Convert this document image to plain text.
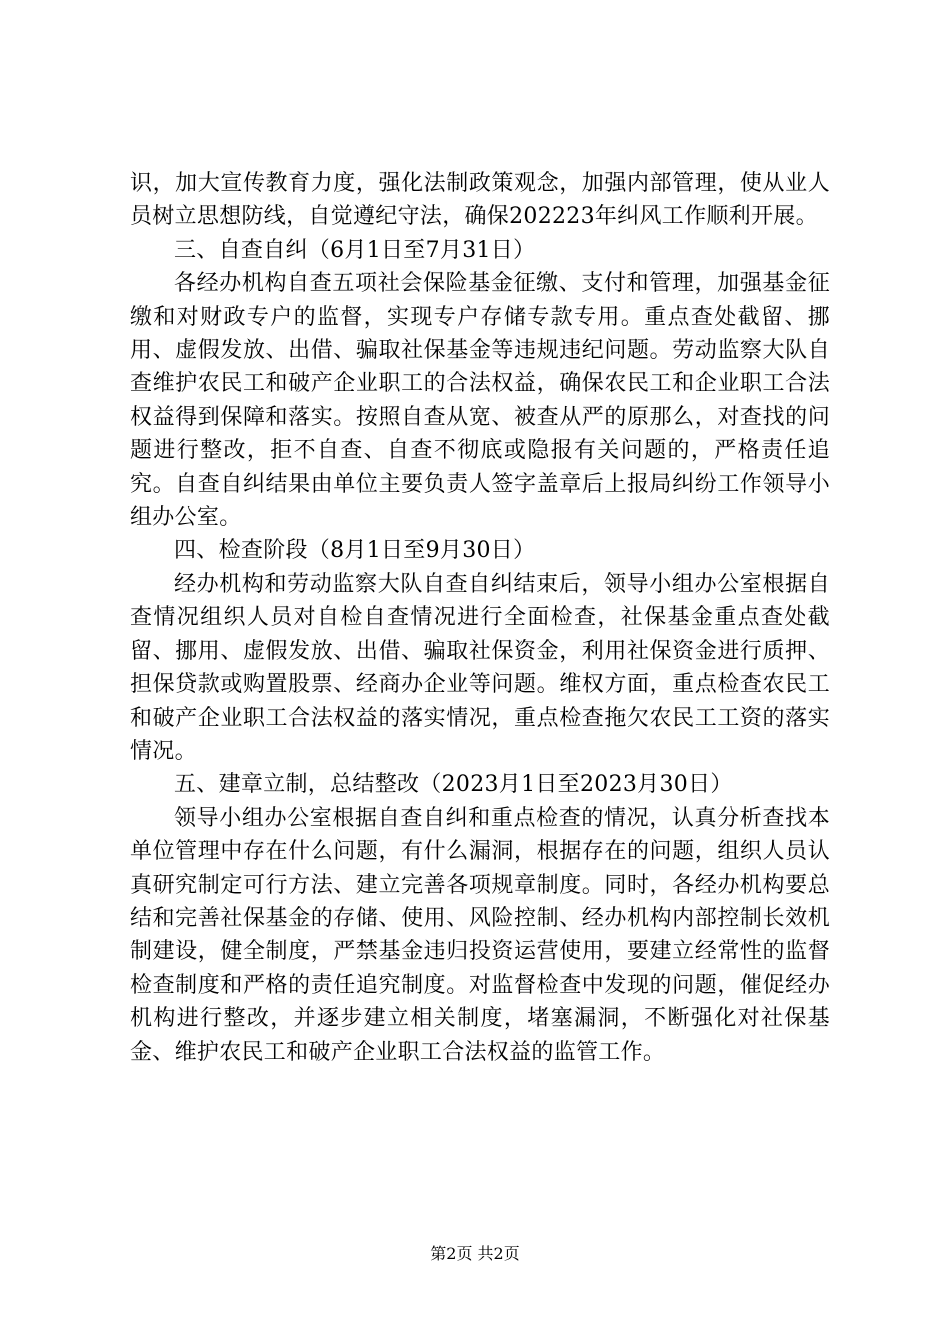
识，加大宣传教育力度，强化法制政策观念，加强内部管理，使从业人员树立思想防线，自觉遵纪守法，确保202223年纠风工作顺利开展。

三、自查自纠（6月1日至7月31日）

各经办机构自查五项社会保险基金征缴、支付和管理，加强基金征缴和对财政专户的监督，实现专户存储专款专用。重点查处截留、挪用、虚假发放、出借、骗取社保基金等违规违纪问题。劳动监察大队自查维护农民工和破产企业职工的合法权益，确保农民工和企业职工合法权益得到保障和落实。按照自查从宽、被查从严的原那么，对查找的问题进行整改，拒不自查、自查不彻底或隐报有关问题的，严格责任追究。自查自纠结果由单位主要负责人签字盖章后上报局纠纷工作领导小组办公室。

四、检查阶段（8月1日至9月30日）

经办机构和劳动监察大队自查自纠结束后，领导小组办公室根据自查情况组织人员对自检自查情况进行全面检查，社保基金重点查处截留、挪用、虚假发放、出借、骗取社保资金，利用社保资金进行质押、担保贷款或购置股票、经商办企业等问题。维权方面，重点检查农民工和破产企业职工合法权益的落实情况，重点检查拖欠农民工工资的落实情况。

五、建章立制，总结整改（2023月1日至2023月30日）

领导小组办公室根据自查自纠和重点检查的情况，认真分析查找本单位管理中存在什么问题，有什么漏洞，根据存在的问题，组织人员认真研究制定可行方法、建立完善各项规章制度。同时，各经办机构要总结和完善社保基金的存储、使用、风险控制、经办机构内部控制长效机制建设，健全制度，严禁基金违归投资运营使用，要建立经常性的监督检查制度和严格的责任追究制度。对监督检查中发现的问题，催促经办机构进行整改，并逐步建立相关制度，堵塞漏洞，不断强化对社保基金、维护农民工和破产企业职工合法权益的监管工作。

第2页 共2页
